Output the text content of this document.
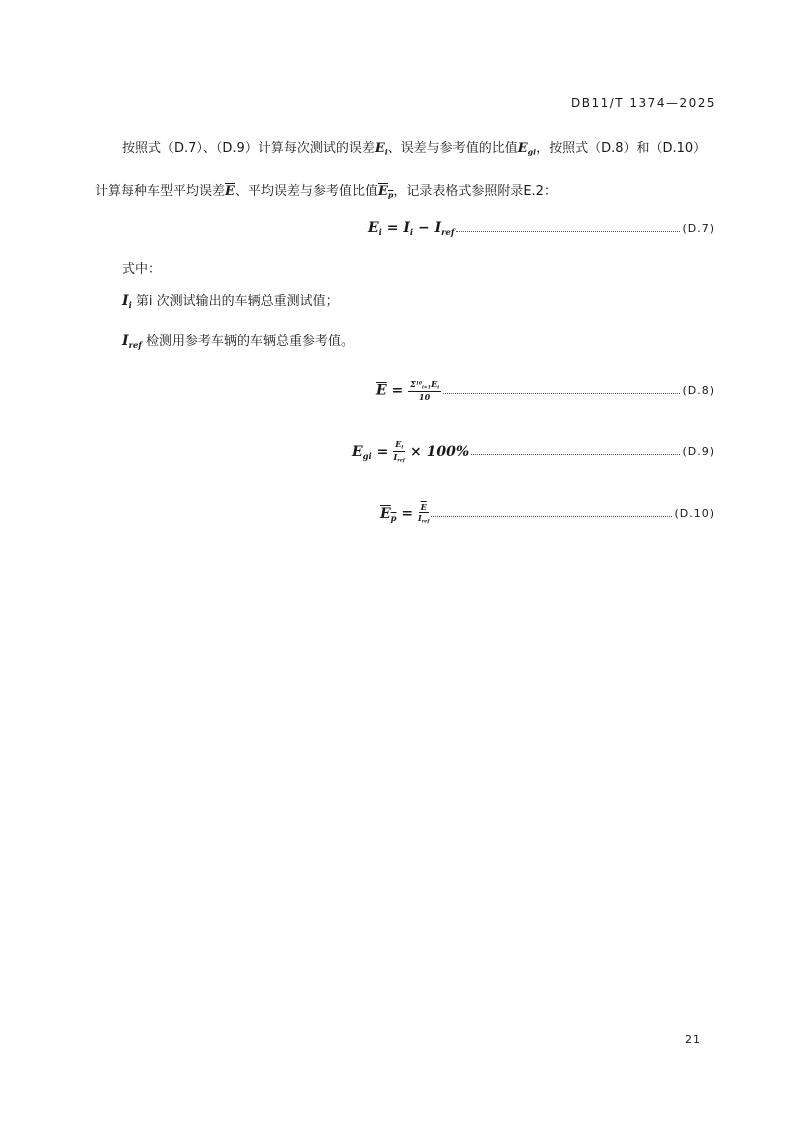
DB11/T 1374—2025
按照式（D.7）、（D.9）计算每次测试的误差$E_i$、误差与参考值的比值$E_{gi}$，按照式（D.8）和（D.10）
计算每种车型平均误差$\overline{E}$、平均误差与参考值比值$E_p$，记录表格式参照附录E.2：
$E_i = I_i - I_{ref}$	(D.7)
式中：
$I_i$ 第i 次测试输出的车辆总重测试值；
$I_{ref}$ 检测用参考车辆的车辆总重参考值。
$\overline{E} = \frac{\Sigma^{10}_{i=1}E_i}{10}$	(D.8)
$E_{gi} = \frac{E_i}{I_{ref}} \times 100\%$	(D.9)
$E_p = \frac{\overline{E}}{I_{ref}}$	(D.10)
21
